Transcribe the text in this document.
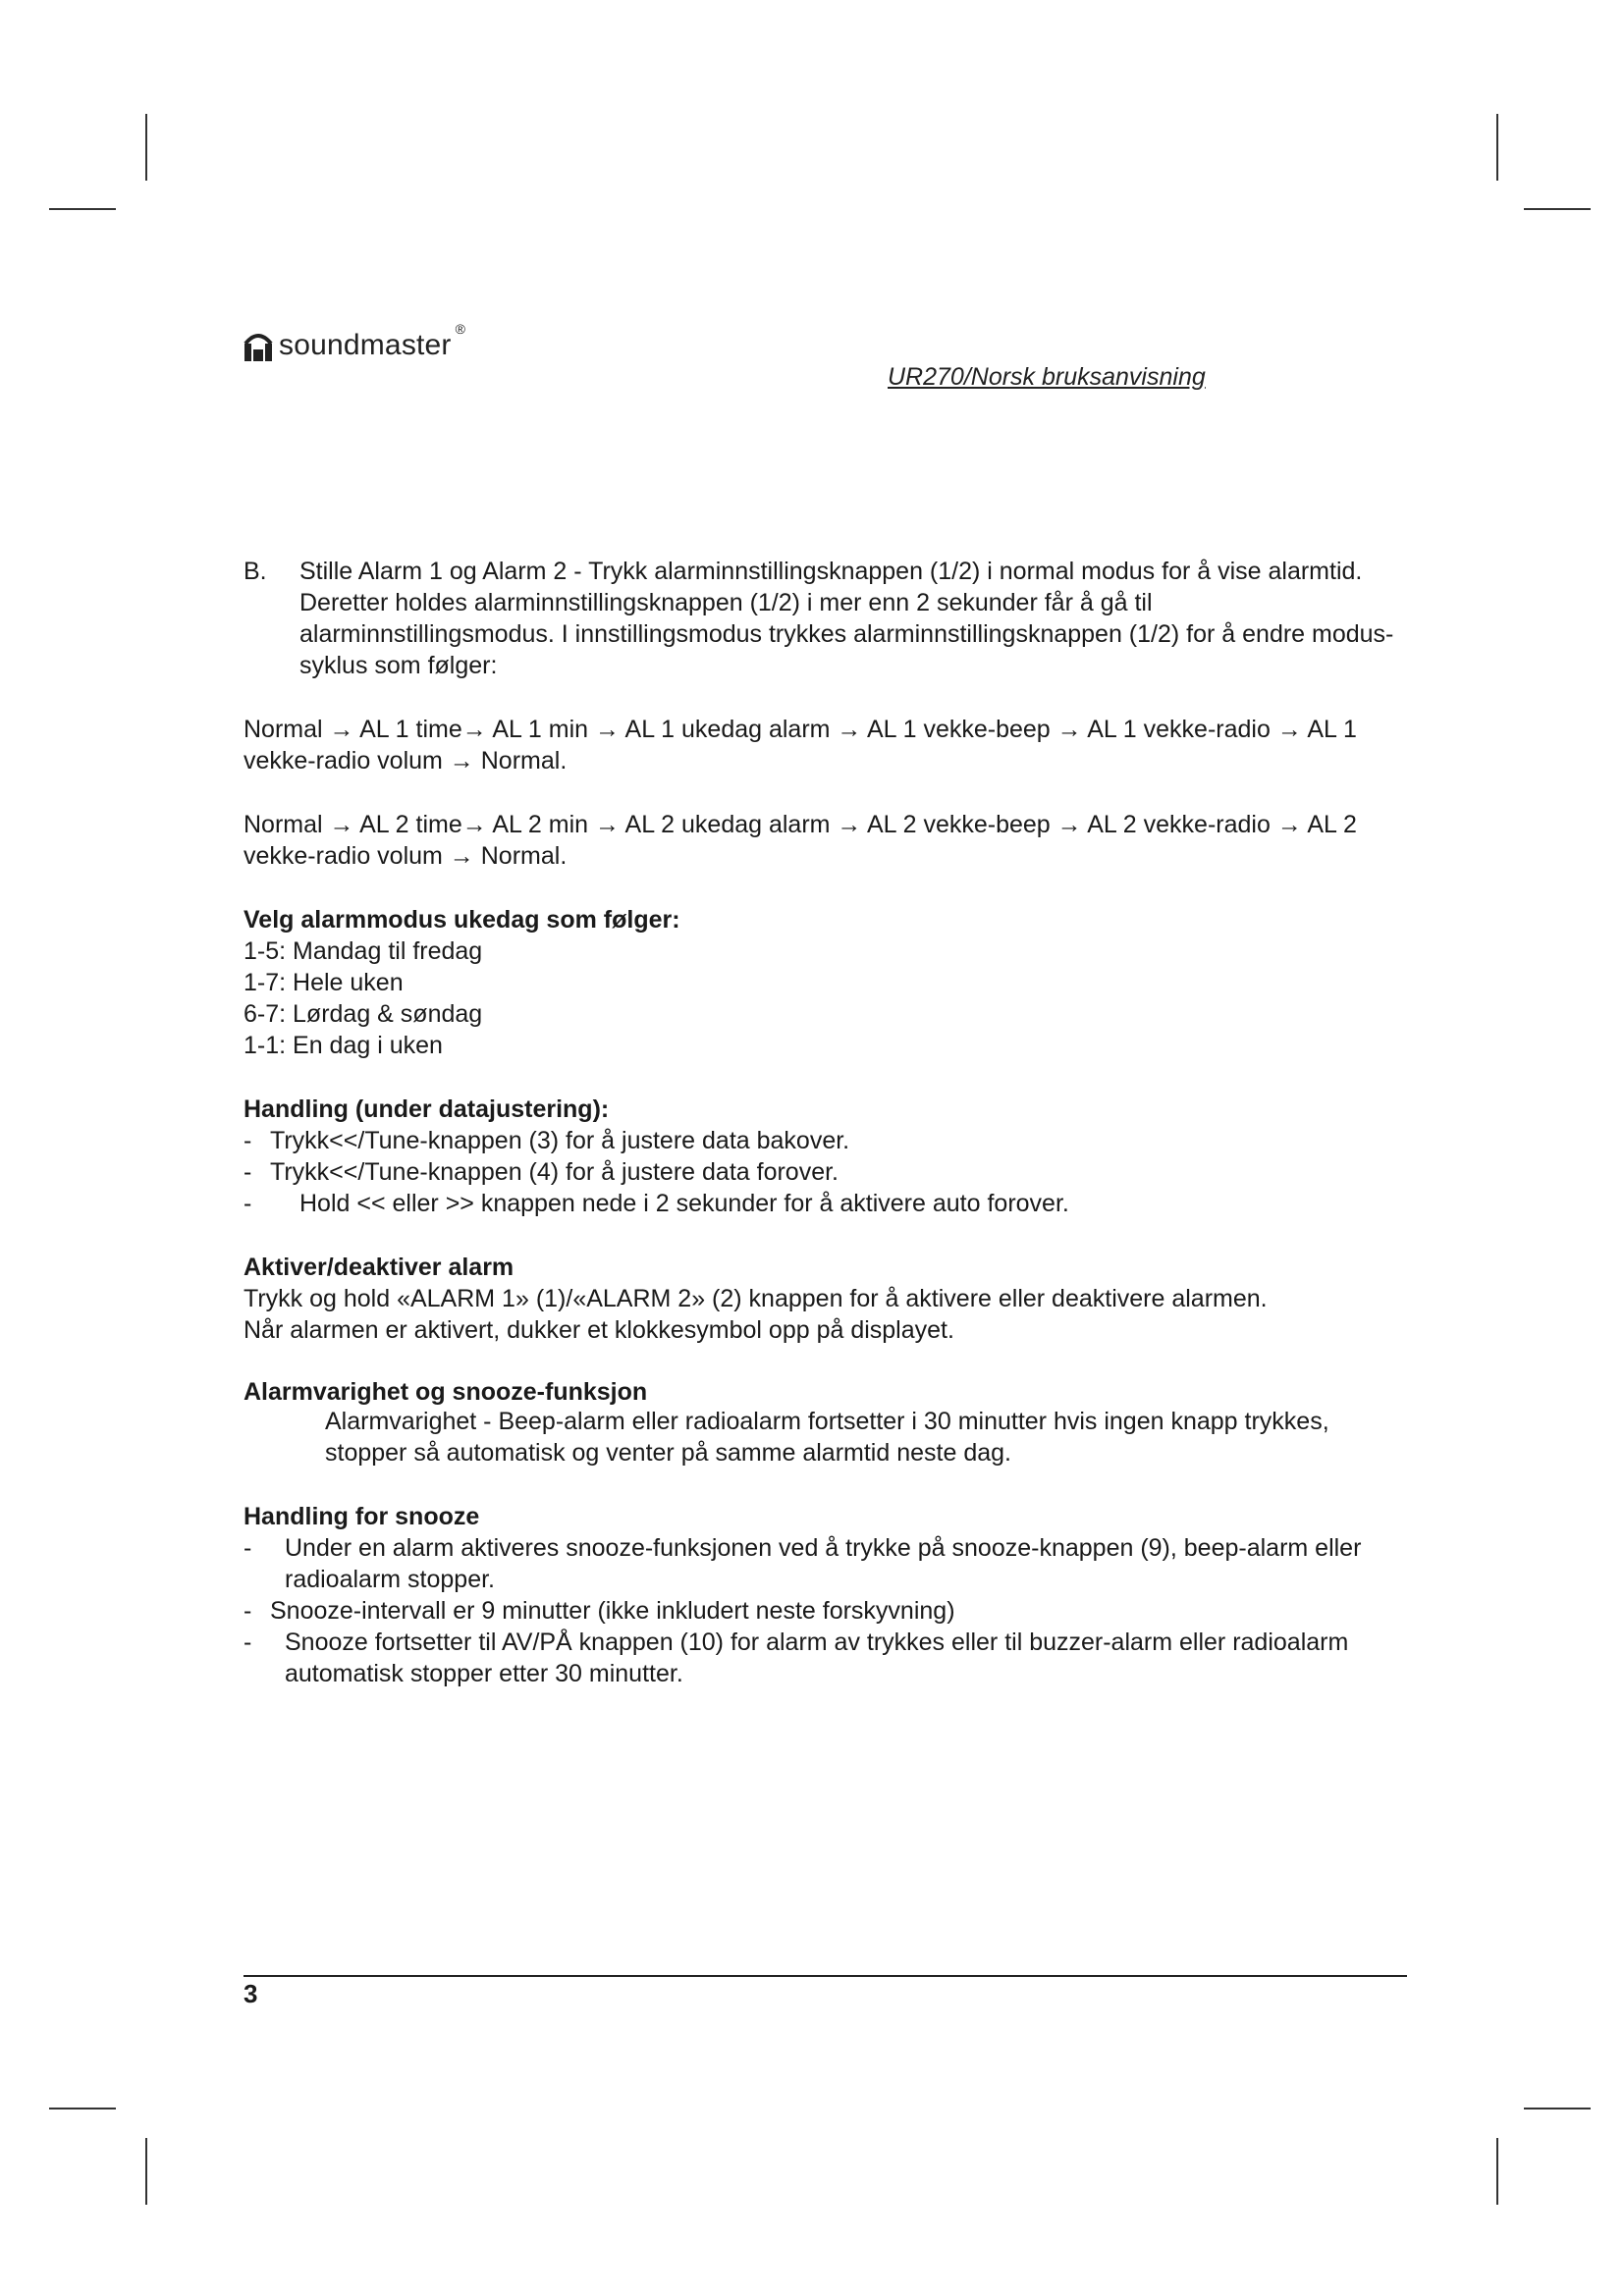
soundmaster ®
UR270/Norsk bruksanvisning
B.	Stille Alarm 1 og Alarm 2 - Trykk alarminnstillingsknappen (1/2) i normal modus for å vise alarmtid. Deretter holdes alarminnstillingsknappen (1/2) i mer enn 2 sekunder får å gå til alarminnstillingsmodus. I innstillingsmodus trykkes alarminnstillingsknappen (1/2) for å endre modus-syklus som følger:

Normal → AL 1 time→ AL 1 min → AL 1 ukedag alarm → AL 1 vekke-beep → AL 1 vekke-radio → AL 1 vekke-radio volum → Normal.

Normal → AL 2 time→ AL 2 min → AL 2 ukedag alarm → AL 2 vekke-beep → AL 2 vekke-radio → AL 2 vekke-radio volum → Normal.

Velg alarmmodus ukedag som følger:

1-5: Mandag til fredag

1-7: Hele uken

6-7: Lørdag & søndag

1-1: En dag i uken

Handling (under datajustering):

- Trykk<</Tune-knappen (3) for å justere data bakover.
- Trykk<</Tune-knappen (4) for å justere data forover.
-	Hold << eller >> knappen nede i 2 sekunder for å aktivere auto forover.

Aktiver/deaktiver alarm

Trykk og hold «ALARM 1» (1)/«ALARM 2» (2) knappen for å aktivere eller deaktivere alarmen.

Når alarmen er aktivert, dukker et klokkesymbol opp på displayet.

Alarmvarighet og snooze-funksjon

Alarmvarighet - Beep-alarm eller radioalarm fortsetter i 30 minutter hvis ingen knapp trykkes, stopper så automatisk og venter på samme alarmtid neste dag.

Handling for snooze

-	Under en alarm aktiveres snooze-funksjonen ved å trykke på snooze-knappen (9), beep-alarm eller radioalarm stopper.
- Snooze-intervall er 9 minutter (ikke inkludert neste forskyvning)
-	Snooze fortsetter til AV/PÅ knappen (10) for alarm av trykkes eller til buzzer-alarm eller radioalarm automatisk stopper etter 30 minutter.
3
